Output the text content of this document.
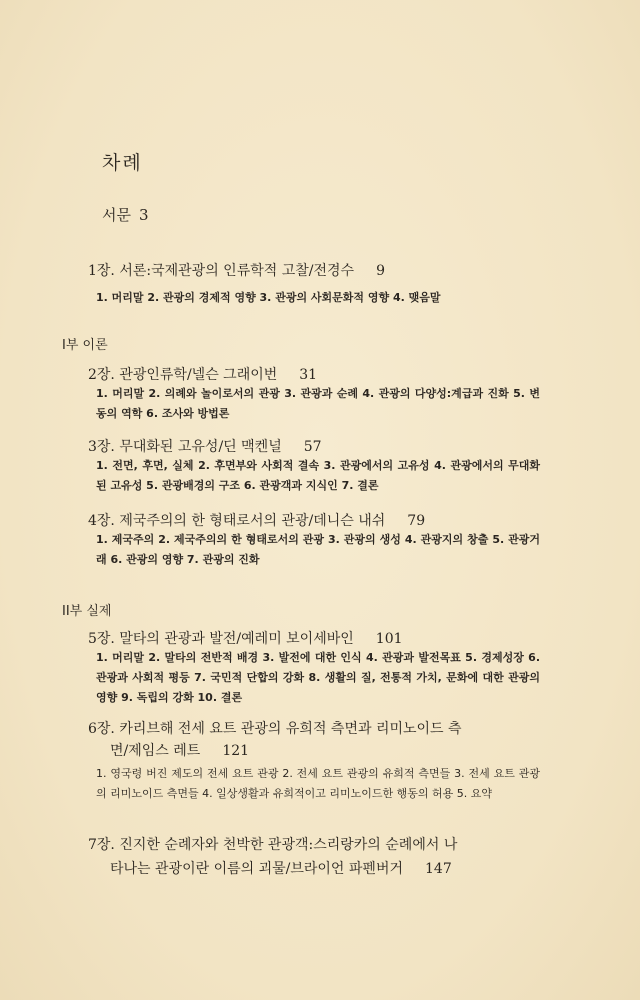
차례
서문 3
1장. 서론:국제관광의 인류학적 고찰/전경수 9
1. 머리말 2. 관광의 경제적 영향 3. 관광의 사회문화적 영향 4. 맺음말
I부 이론
2장. 관광인류학/넬슨 그래이번 31
1. 머리말 2. 의례와 놀이로서의 관광 3. 관광과 순례 4. 관광의 다양성:계급과 진화 5. 변동의 역학 6. 조사와 방법론
3장. 무대화된 고유성/딘 맥켄널 57
1. 전면, 후면, 실체 2. 후면부와 사회적 결속 3. 관광에서의 고유성 4. 관광에서의 무대화된 고유성 5. 관광배경의 구조 6. 관광객과 지식인 7. 결론
4장. 제국주의의 한 형태로서의 관광/데니슨 내쉬 79
1. 제국주의 2. 제국주의의 한 형태로서의 관광 3. 관광의 생성 4. 관광지의 창출 5. 관광거래 6. 관광의 영향 7. 관광의 진화
II부 실제
5장. 말타의 관광과 발전/예레미 보이세바인 101
1. 머리말 2. 말타의 전반적 배경 3. 발전에 대한 인식 4. 관광과 발전목표 5. 경제성장 6. 관광과 사회적 평등 7. 국민적 단합의 강화 8. 생활의 질, 전통적 가치, 문화에 대한 관광의 영향 9. 독립의 강화 10. 결론
6장. 카리브해 전세 요트 관광의 유희적 측면과 리미노이드 측
면/제임스 레트 121
1. 영국령 버진 제도의 전세 요트 관광 2. 전세 요트 관광의 유희적 측면들 3. 전세 요트 관광의 리미노이드 측면들 4. 일상생활과 유희적이고 리미노이드한 행동의 허용 5. 요약
7장. 진지한 순례자와 천박한 관광객:스리랑카의 순례에서 나
타나는 관광이란 이름의 괴물/브라이언 파펜버거 147
